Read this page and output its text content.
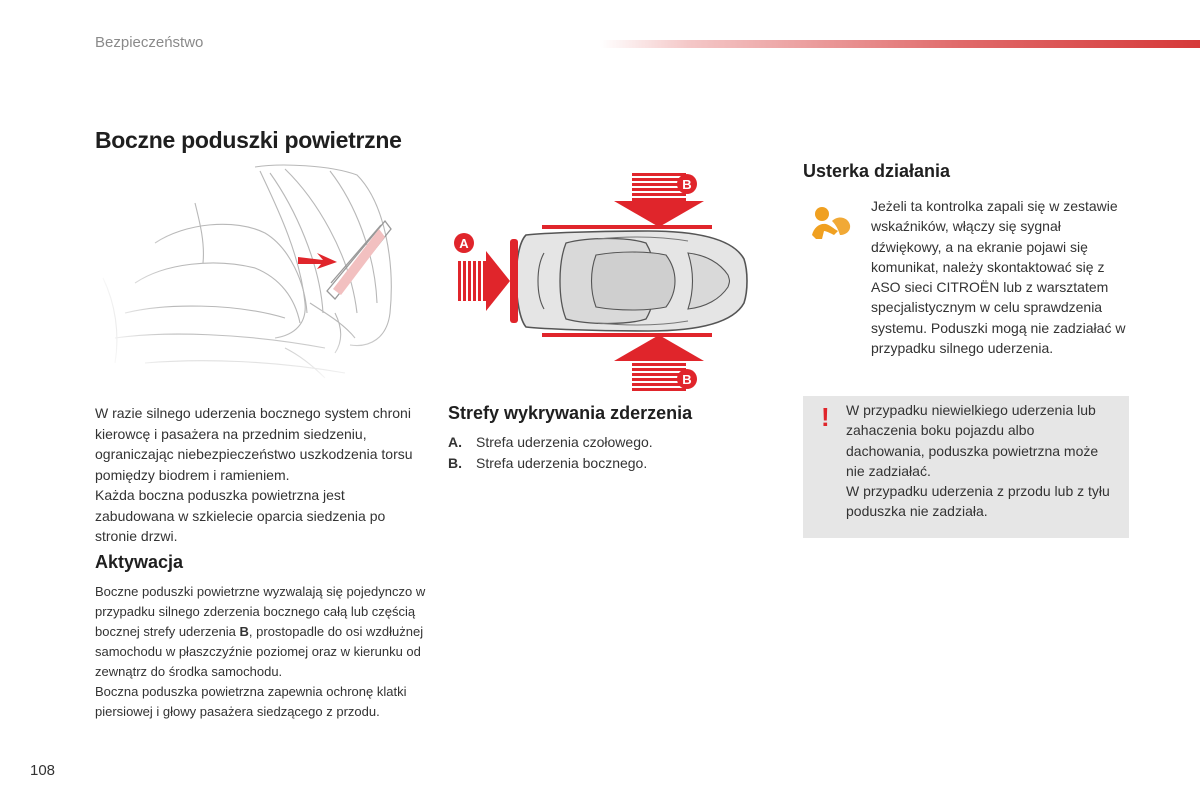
Bezpieczeństwo
Boczne poduszki powietrzne
A
B
B
W razie silnego uderzenia bocznego system chroni kierowcę i pasażera na przednim siedzeniu, ograniczając niebezpieczeństwo uszkodzenia torsu pomiędzy biodrem i ramieniem.
Każda boczna poduszka powietrzna jest zabudowana w szkielecie oparcia siedzenia po stronie drzwi.
Aktywacja
Boczne poduszki powietrzne wyzwalają się pojedynczo w przypadku silnego zderzenia bocznego całą lub częścią bocznej strefy uderzenia B, prostopadle do osi wzdłużnej samochodu w płaszczyźnie poziomej oraz w kierunku od zewnątrz do środka samochodu.
Boczna poduszka powietrzna zapewnia ochronę klatki piersiowej i głowy pasażera siedzącego z przodu.
Strefy wykrywania zderzenia
A.	Strefa uderzenia czołowego.
B.	Strefa uderzenia bocznego.
Usterka działania
Jeżeli ta kontrolka zapali się w zestawie wskaźników, włączy się sygnał dźwiękowy, a na ekranie pojawi się komunikat, należy skontaktować się z ASO sieci CITROËN lub z warsztatem specjalistycznym w celu sprawdzenia systemu. Poduszki mogą nie zadziałać w przypadku silnego uderzenia.
! W przypadku niewielkiego uderzenia lub zahaczenia boku pojazdu albo dachowania, poduszka powietrzna może nie zadziałać.
W przypadku uderzenia z przodu lub z tyłu poduszka nie zadziała.
108
